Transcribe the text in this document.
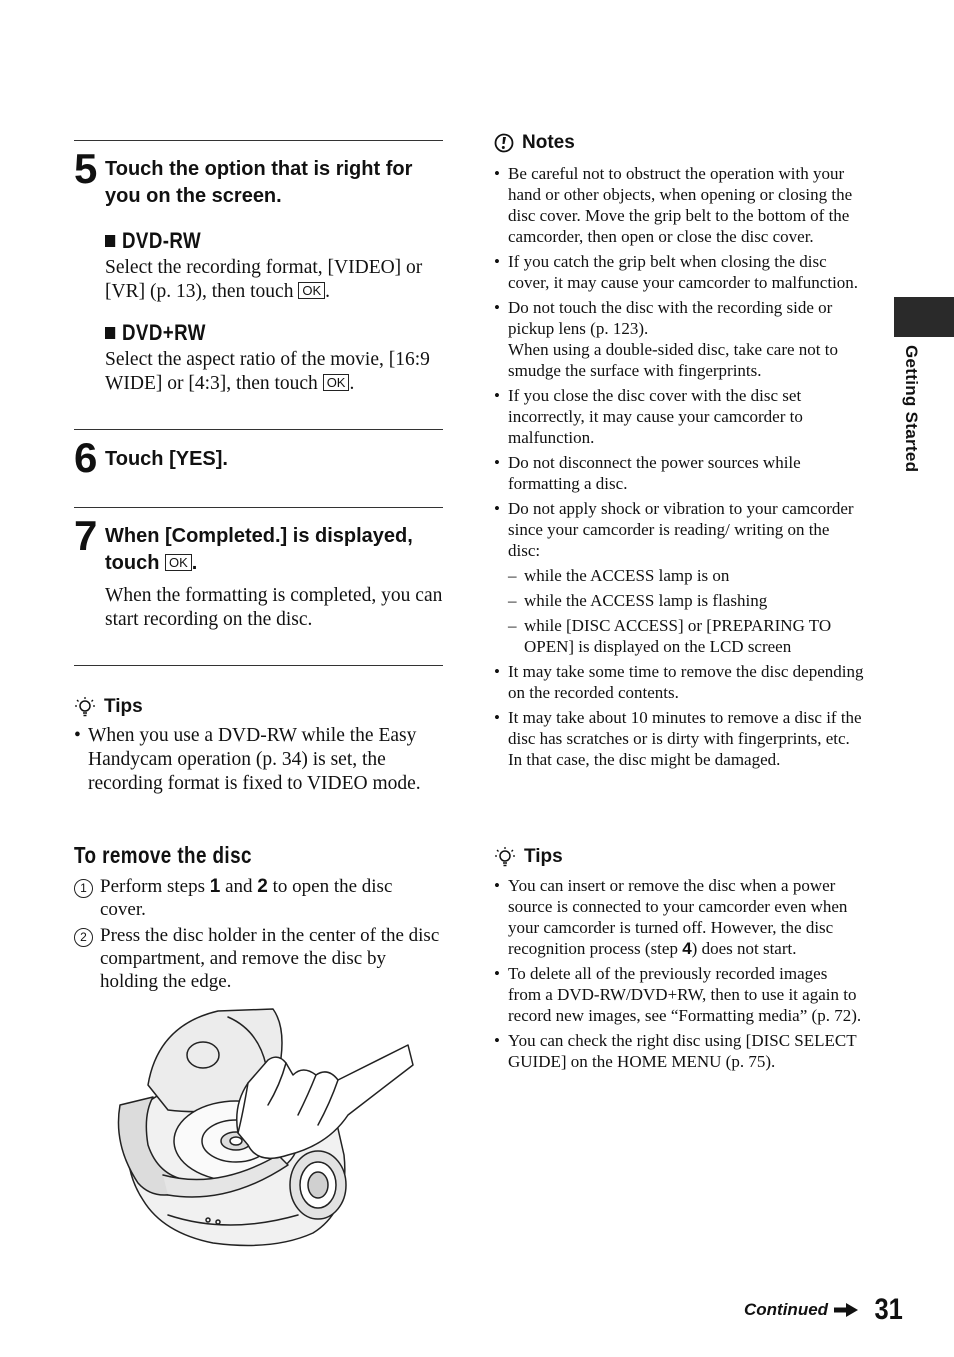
5 Touch the option that is right for you on the screen.
DVD-RW
Select the recording format, [VIDEO] or [VR] (p. 13), then touch OK .
DVD+RW
Select the aspect ratio of the movie, [16:9 WIDE] or [4:3], then touch OK .
6 Touch [YES].
7 When [Completed.] is displayed, touch OK .
When the formatting is completed, you can start recording on the disc.
Tips
• When you use a DVD-RW while the Easy Handycam operation (p. 34) is set, the recording format is fixed to VIDEO mode.
To remove the disc
1 Perform steps 1 and 2 to open the disc cover.
2 Press the disc holder in the center of the disc compartment, and remove the disc by holding the edge.
Notes
• Be careful not to obstruct the operation with your hand or other objects, when opening or closing the disc cover. Move the grip belt to the bottom of the camcorder, then open or close the disc cover.
• If you catch the grip belt when closing the disc cover, it may cause your camcorder to malfunction.
• Do not touch the disc with the recording side or pickup lens (p. 123).
When using a double-sided disc, take care not to smudge the surface with fingerprints.
• If you close the disc cover with the disc set incorrectly, it may cause your camcorder to malfunction.
• Do not disconnect the power sources while formatting a disc.
• Do not apply shock or vibration to your camcorder since your camcorder is reading/ writing on the disc:
– while the ACCESS lamp is on
– while the ACCESS lamp is flashing
– while [DISC ACCESS] or [PREPARING TO OPEN] is displayed on the LCD screen
• It may take some time to remove the disc depending on the recorded contents.
• It may take about 10 minutes to remove a disc if the disc has scratches or is dirty with fingerprints, etc. In that case, the disc might be damaged.
Tips
• You can insert or remove the disc when a power source is connected to your camcorder even when your camcorder is turned off. However, the disc recognition process (step 4) does not start.
• To delete all of the previously recorded images from a DVD-RW/DVD+RW, then to use it again to record new images, see “Formatting media” (p. 72).
• You can check the right disc using [DISC SELECT GUIDE] on the HOME MENU (p. 75).
Getting Started
Continued 31
